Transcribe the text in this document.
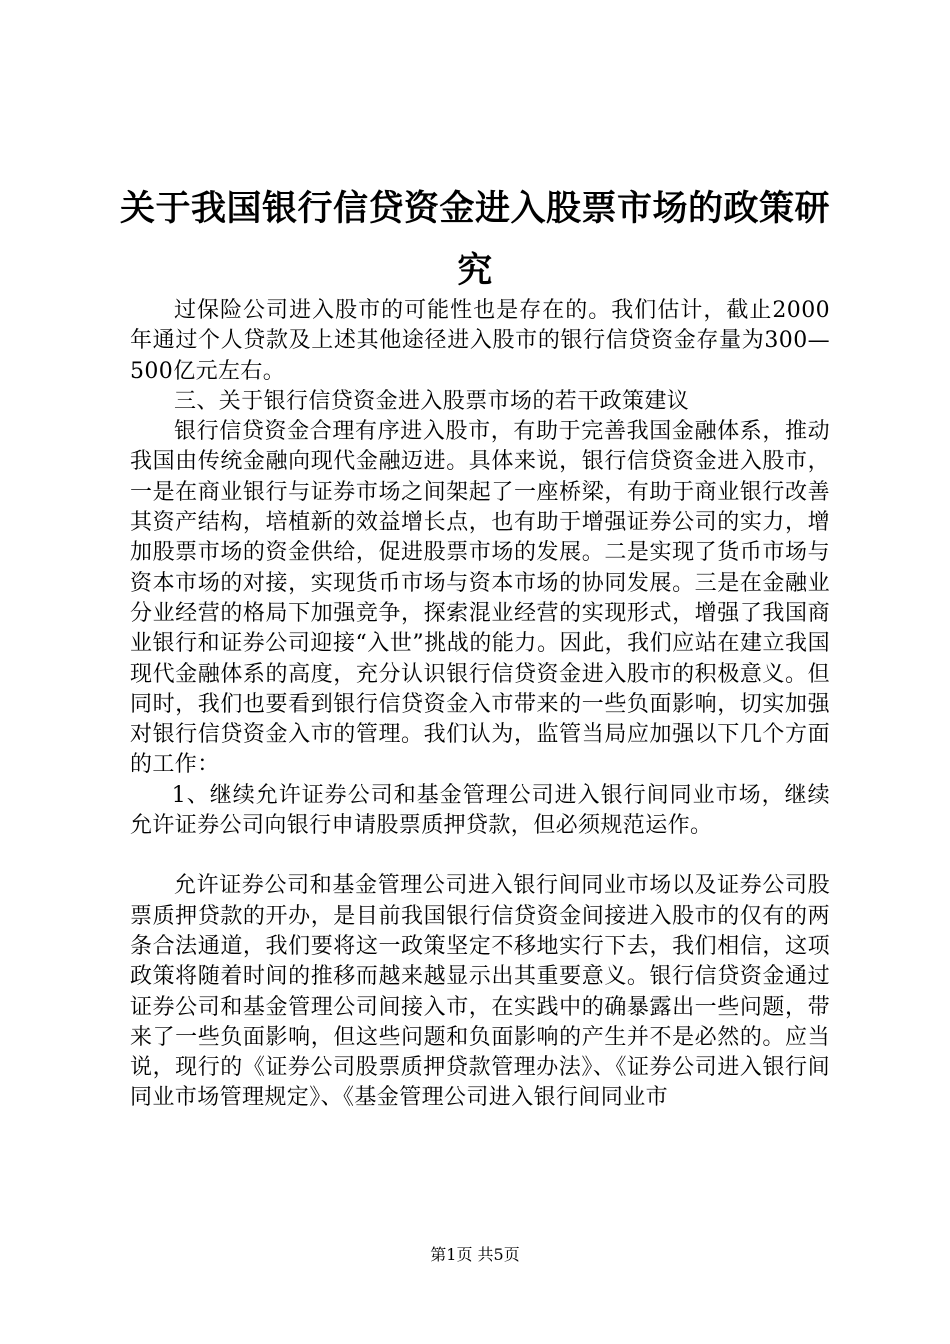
关于我国银行信贷资金进入股票市场的政策研究

过保险公司进入股市的可能性也是存在的。我们估计，截止2000年通过个人贷款及上述其他途径进入股市的银行信贷资金存量为300—500亿元左右。

三、关于银行信贷资金进入股票市场的若干政策建议

银行信贷资金合理有序进入股市，有助于完善我国金融体系，推动我国由传统金融向现代金融迈进。具体来说，银行信贷资金进入股市，一是在商业银行与证券市场之间架起了一座桥梁，有助于商业银行改善其资产结构，培植新的效益增长点，也有助于增强证券公司的实力，增加股票市场的资金供给，促进股票市场的发展。二是实现了货币市场与资本市场的对接，实现货币市场与资本市场的协同发展。三是在金融业分业经营的格局下加强竞争，探索混业经营的实现形式，增强了我国商业银行和证券公司迎接“入世”挑战的能力。因此，我们应站在建立我国现代金融体系的高度，充分认识银行信贷资金进入股市的积极意义。但同时，我们也要看到银行信贷资金入市带来的一些负面影响，切实加强对银行信贷资金入市的管理。我们认为，监管当局应加强以下几个方面的工作：

1、继续允许证券公司和基金管理公司进入银行间同业市场，继续允许证券公司向银行申请股票质押贷款，但必须规范运作。

允许证券公司和基金管理公司进入银行间同业市场以及证券公司股票质押贷款的开办，是目前我国银行信贷资金间接进入股市的仅有的两条合法通道，我们要将这一政策坚定不移地实行下去，我们相信，这项政策将随着时间的推移而越来越显示出其重要意义。银行信贷资金通过证券公司和基金管理公司间接入市，在实践中的确暴露出一些问题，带来了一些负面影响，但这些问题和负面影响的产生并不是必然的。应当说，现行的《证券公司股票质押贷款管理办法》、《证券公司进入银行间同业市场管理规定》、《基金管理公司进入银行间同业市

第1页 共5页
